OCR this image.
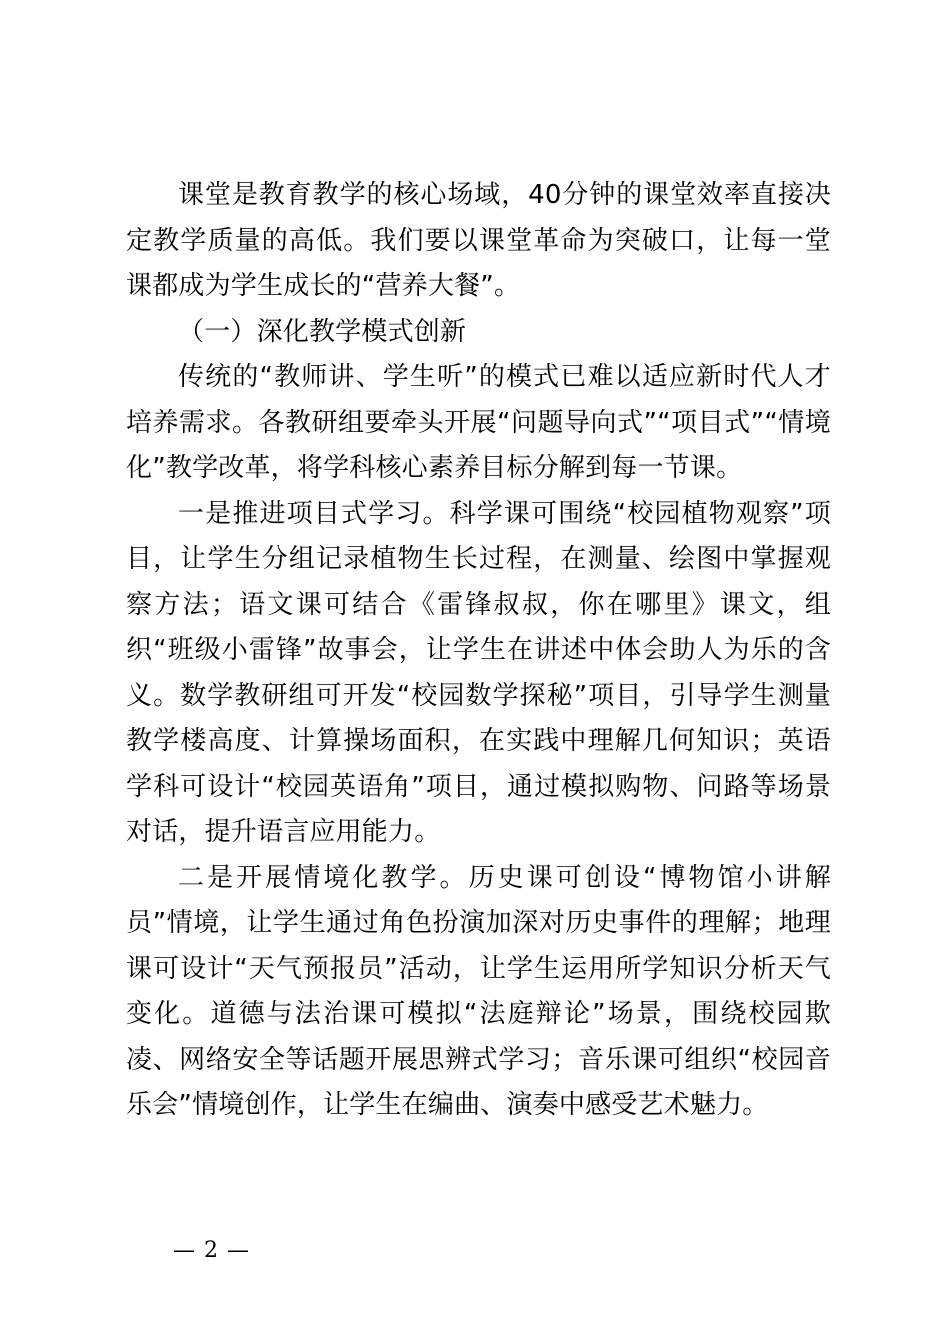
课堂是教育教学的核心场域，40分钟的课堂效率直接决定教学质量的高低。我们要以课堂革命为突破口，让每一堂课都成为学生成长的“营养大餐”。

（一）深化教学模式创新

传统的“教师讲、学生听”的模式已难以适应新时代人才培养需求。各教研组要牵头开展“问题导向式”“项目式”“情境化”教学改革，将学科核心素养目标分解到每一节课。

一是推进项目式学习。科学课可围绕“校园植物观察”项目，让学生分组记录植物生长过程，在测量、绘图中掌握观察方法；语文课可结合《雷锋叔叔，你在哪里》课文，组织“班级小雷锋”故事会，让学生在讲述中体会助人为乐的含义。数学教研组可开发“校园数学探秘”项目，引导学生测量教学楼高度、计算操场面积，在实践中理解几何知识；英语学科可设计“校园英语角”项目，通过模拟购物、问路等场景对话，提升语言应用能力。

二是开展情境化教学。历史课可创设“博物馆小讲解员”情境，让学生通过角色扮演加深对历史事件的理解；地理课可设计“天气预报员”活动，让学生运用所学知识分析天气变化。道德与法治课可模拟“法庭辩论”场景，围绕校园欺凌、网络安全等话题开展思辨式学习；音乐课可组织“校园音乐会”情境创作，让学生在编曲、演奏中感受艺术魅力。

— 2 —
